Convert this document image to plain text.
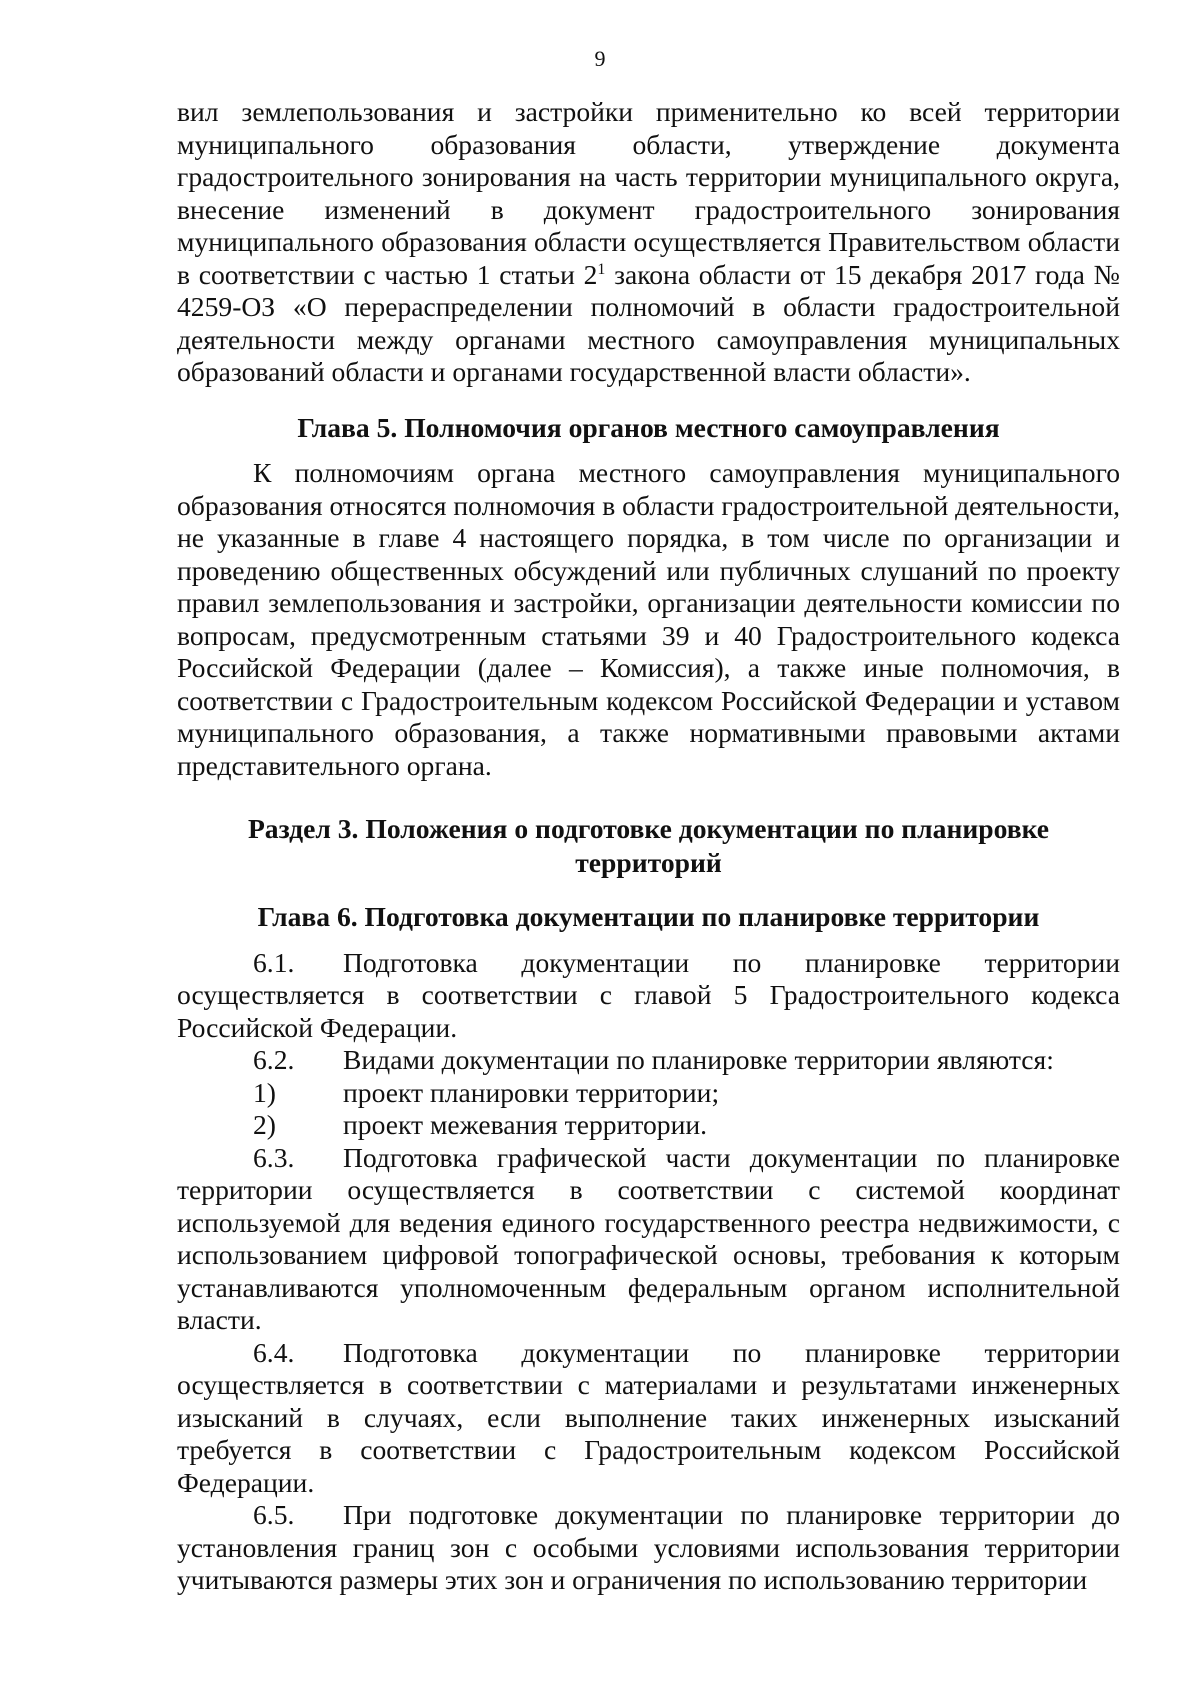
9

вил землепользования и застройки применительно ко всей территории муниципального образования области, утверждение документа градостроительного зонирования на часть территории муниципального округа, внесение изменений в документ градостроительного зонирования муниципального образования области осуществляется Правительством области в соответствии с частью 1 статьи $2^1$ закона области от 15 декабря 2017 года № 4259-ОЗ «О перераспределении полномочий в области градостроительной деятельности между органами местного самоуправления муниципальных образований области и органами государственной власти области».

Глава 5. Полномочия органов местного самоуправления

К полномочиям органа местного самоуправления муниципального образования относятся полномочия в области градостроительной деятельности, не указанные в главе 4 настоящего порядка, в том числе по организации и проведению общественных обсуждений или публичных слушаний по проекту правил землепользования и застройки, организации деятельности комиссии по вопросам, предусмотренным статьями 39 и 40 Градостроительного кодекса Российской Федерации (далее – Комиссия), а также иные полномочия, в соответствии с Градостроительным кодексом Российской Федерации и уставом муниципального образования, а также нормативными правовыми актами представительного органа.

Раздел 3. Положения о подготовке документации по планировке территорий
Глава 6. Подготовка документации по планировке территории

6.1. Подготовка документации по планировке территории осуществляется в соответствии с главой 5 Градостроительного кодекса Российской Федерации.

6.2.	Видами документации по планировке территории являются:
1)	проект планировки территории;
2)	проект межевания территории.

6.3. Подготовка графической части документации по планировке территории осуществляется в соответствии с системой координат используемой для ведения единого государственного реестра недвижимости, с использованием цифровой топографической основы, требования к которым устанавливаются уполномоченным федеральным органом исполнительной власти.

6.4. Подготовка документации по планировке территории осуществляется в соответствии с материалами и результатами инженерных изысканий в случаях, если выполнение таких инженерных изысканий требуется в соответствии с Градостроительным кодексом Российской Федерации.

6.5. При подготовке документации по планировке территории до установления границ зон с особыми условиями использования территории учитываются размеры этих зон и ограничения по использованию территории
